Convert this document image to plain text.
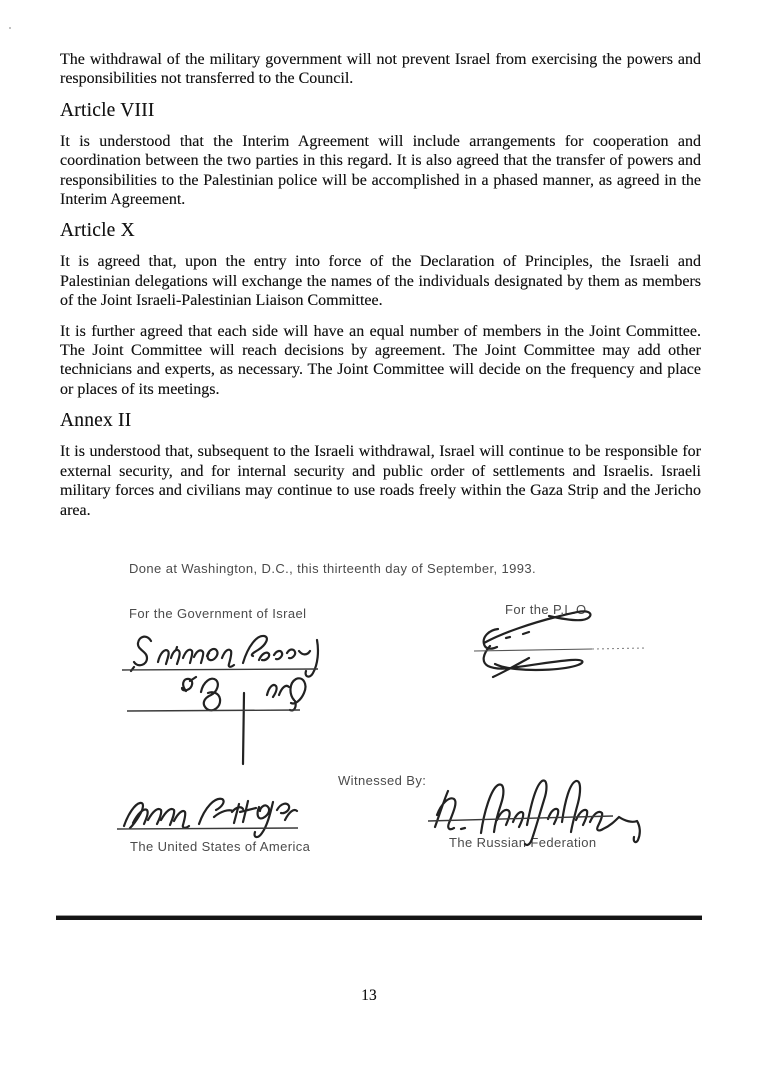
The withdrawal of the military government will not prevent Israel from exercising the powers and responsibilities not transferred to the Council.

Article VIII

It is understood that the Interim Agreement will include arrangements for cooperation and coordination between the two parties in this regard. It is also agreed that the transfer of powers and responsibilities to the Palestinian police will be accomplished in a phased manner, as agreed in the Interim Agreement.

Article X

It is agreed that, upon the entry into force of the Declaration of Principles, the Israeli and Palestinian delegations will exchange the names of the individuals designated by them as members of the Joint Israeli-Palestinian Liaison Committee.

It is further agreed that each side will have an equal number of members in the Joint Committee. The Joint Committee will reach decisions by agreement. The Joint Committee may add other technicians and experts, as necessary. The Joint Committee will decide on the frequency and place or places of its meetings.

Annex II

It is understood that, subsequent to the Israeli withdrawal, Israel will continue to be responsible for external security, and for internal security and public order of settlements and Israelis. Israeli military forces and civilians may continue to use roads freely within the Gaza Strip and the Jericho area.

Done at Washington, D.C., this thirteenth day of September, 1993.
For the Government of Israel	For the P.L.O
Witnessed By:
The United States of America	The Russian Federation
13
